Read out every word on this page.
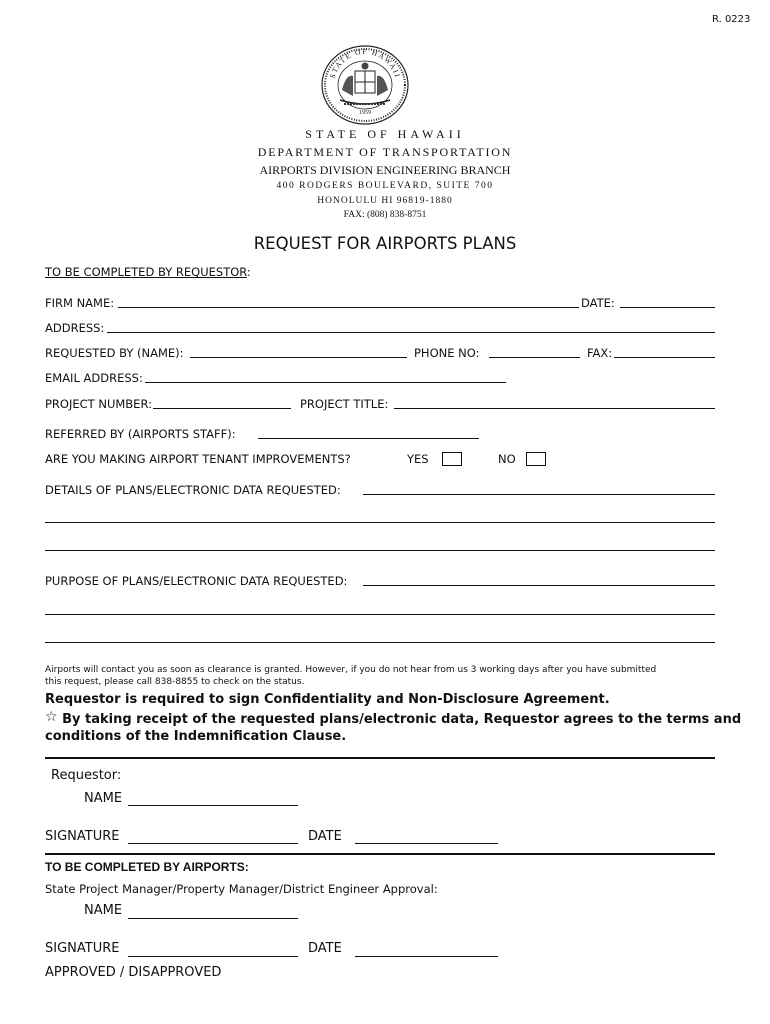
R. 0223
STATE OF HAWAII
1959
STATE OF HAWAII
DEPARTMENT OF TRANSPORTATION
AIRPORTS DIVISION ENGINEERING BRANCH
400 RODGERS BOULEVARD, SUITE 700
HONOLULU HI 96819-1880
FAX: (808) 838-8751
REQUEST FOR AIRPORTS PLANS
TO BE COMPLETED BY REQUESTOR:
FIRM NAME:	DATE:
ADDRESS:
REQUESTED BY (NAME):	PHONE NO:	FAX:
EMAIL ADDRESS:
PROJECT NUMBER:	PROJECT TITLE:
REFERRED BY (AIRPORTS STAFF):
ARE YOU MAKING AIRPORT TENANT IMPROVEMENTS?	YES	NO
DETAILS OF PLANS/ELECTRONIC DATA REQUESTED:
PURPOSE OF PLANS/ELECTRONIC DATA REQUESTED:
Airports will contact you as soon as clearance is granted. However, if you do not hear from us 3 working days after you have submitted
this request, please call 838-8855 to check on the status.
Requestor is required to sign Confidentiality and Non-Disclosure Agreement.
☆ By taking receipt of the requested plans/electronic data, Requestor agrees to the terms and
conditions of the Indemnification Clause.
Requestor:
NAME
SIGNATURE	DATE
TO BE COMPLETED BY AIRPORTS:
State Project Manager/Property Manager/District Engineer Approval:
NAME
SIGNATURE	DATE
APPROVED / DISAPPROVED
